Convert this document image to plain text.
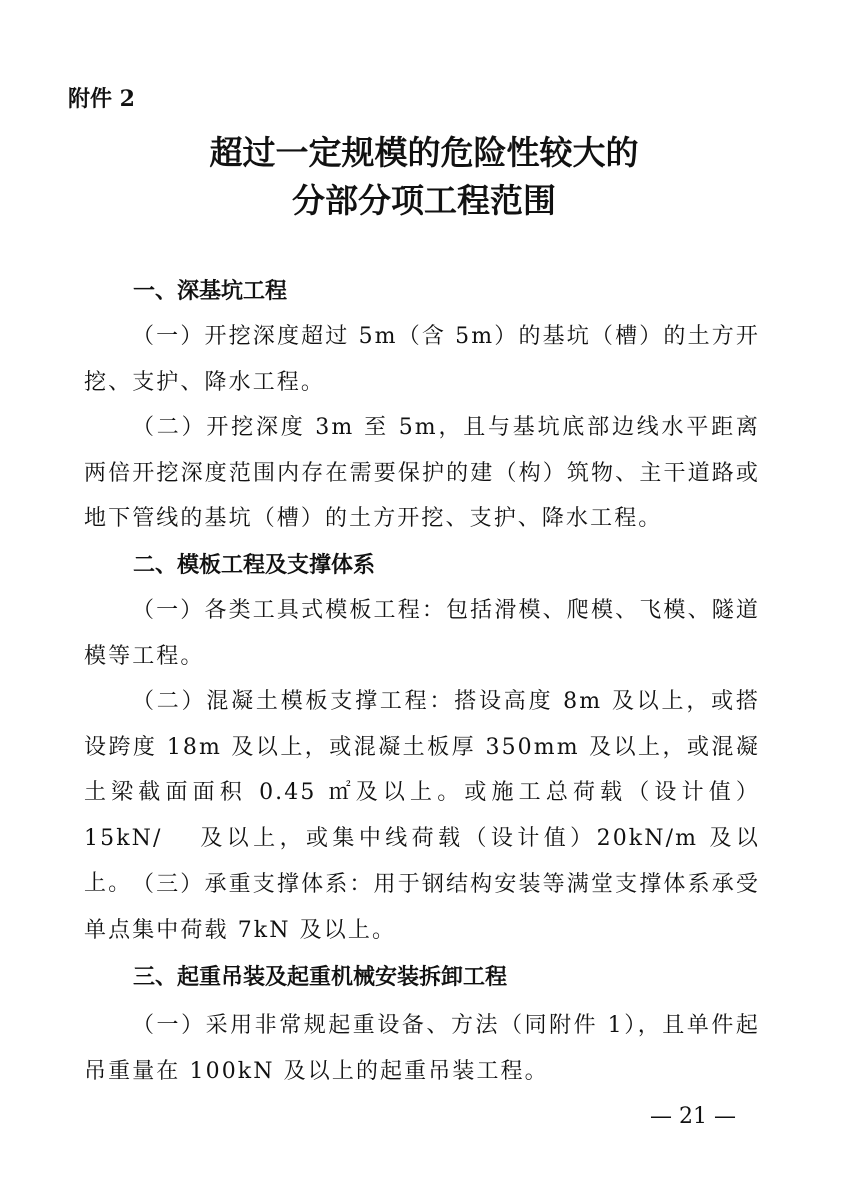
附件 2
超过一定规模的危险性较大的
分部分项工程范围
一、深基坑工程

（一）开挖深度超过 5m（含 5m）的基坑（槽）的土方开挖、支护、降水工程。

（二）开挖深度 3m 至 5m，且与基坑底部边线水平距离两倍开挖深度范围内存在需要保护的建（构）筑物、主干道路或地下管线的基坑（槽）的土方开挖、支护、降水工程。

二、模板工程及支撑体系

（一）各类工具式模板工程：包括滑模、爬模、飞模、隧道模等工程。

（二）混凝土模板支撑工程：搭设高度 8m 及以上，或搭设跨度 18m 及以上，或混凝土板厚 350mm 及以上，或混凝土梁截面面积 0.45 ㎡及以上。或施工总荷载（设计值）15kN/ 　及以上，或集中线荷载（设计值）20kN/m 及以上。 （三）承重支撑体系：用于钢结构安装等满堂支撑体系承受单点集中荷载 7kN 及以上。

三、起重吊装及起重机械安装拆卸工程

（一）采用非常规起重设备、方法（同附件 1），且单件起吊重量在 100kN 及以上的起重吊装工程。

— 21 —
